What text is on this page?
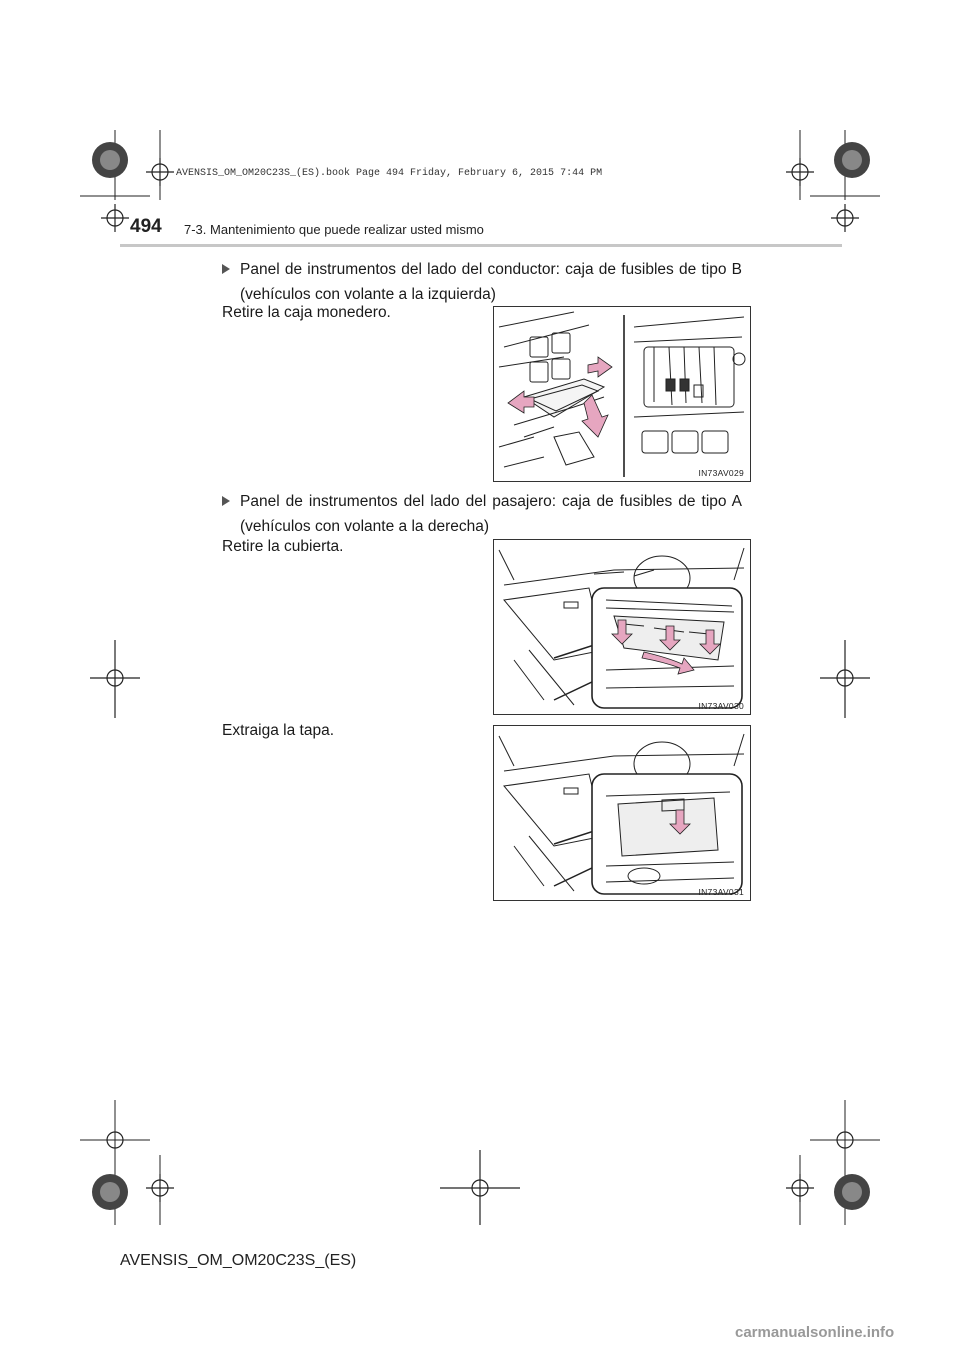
AVENSIS_OM_OM20C23S_(ES).book Page 494 Friday, February 6, 2015 7:44 PM
494 7-3. Mantenimiento que puede realizar usted mismo
Panel de instrumentos del lado del conductor: caja de fusibles de tipo B (vehículos con volante a la izquierda)
Retire la caja monedero.
IN73AV029
Panel de instrumentos del lado del pasajero: caja de fusibles de tipo A (vehículos con volante a la derecha)
Retire la cubierta.
IN73AV030
Extraiga la tapa.
IN73AV031
AVENSIS_OM_OM20C23S_(ES)
carmanualsonline.info
